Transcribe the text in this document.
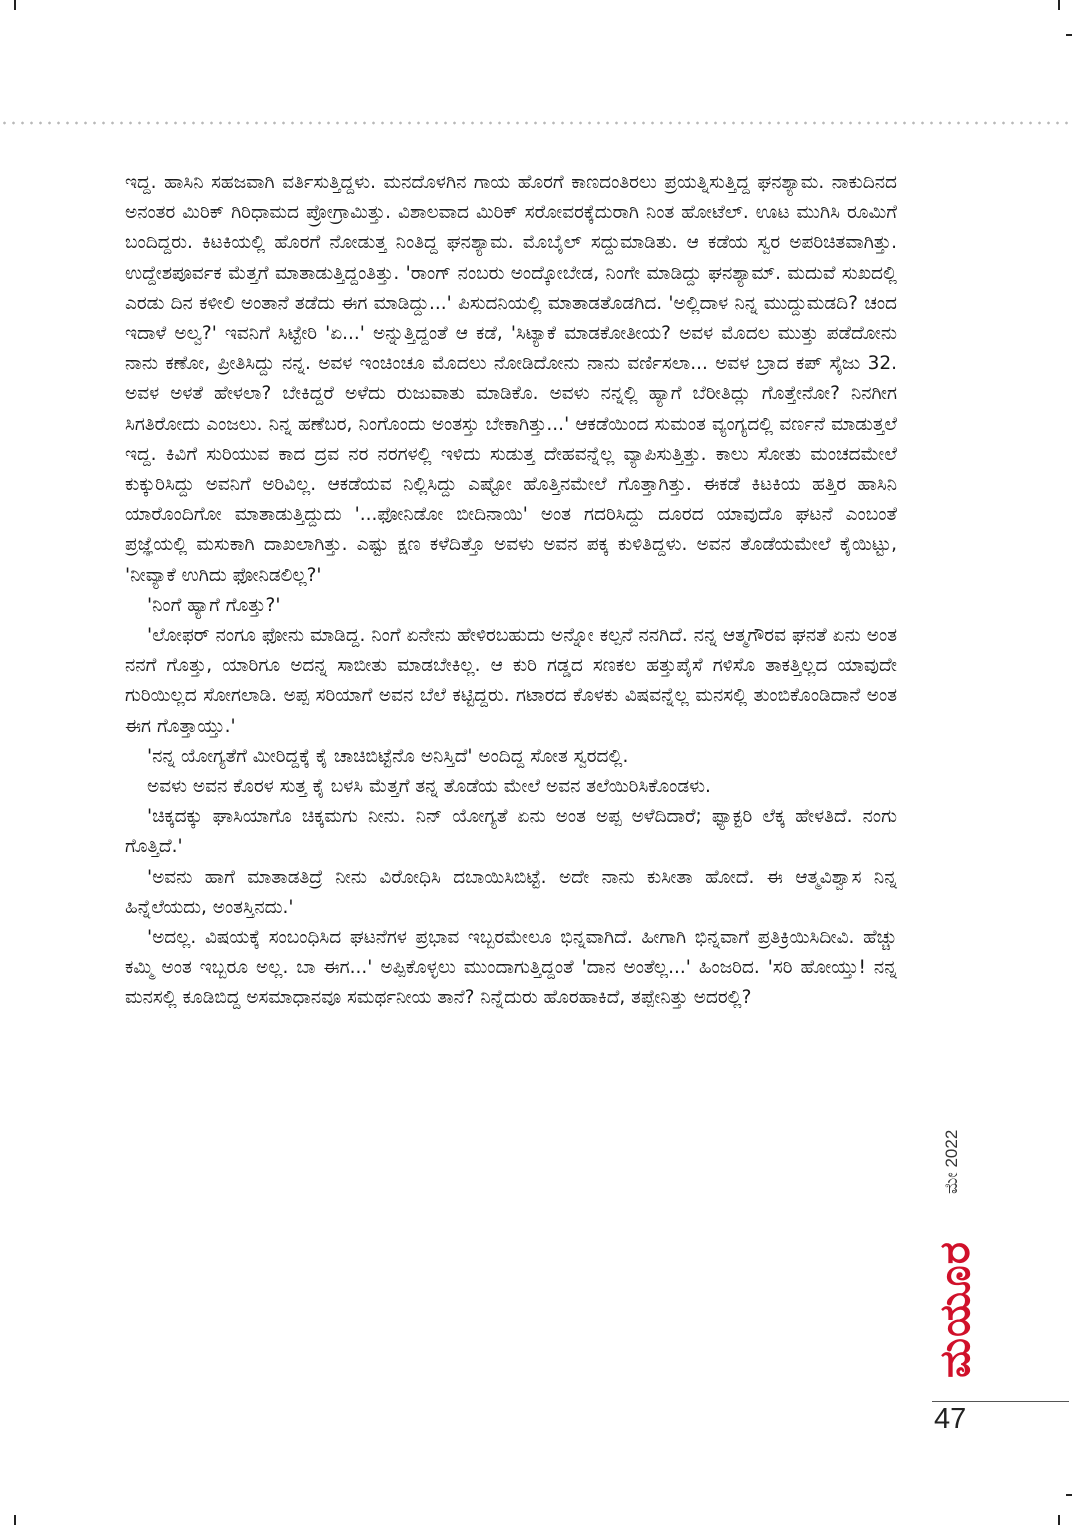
ಇದ್ದ. ಹಾಸಿನಿ ಸಹಜವಾಗಿ ವರ್ತಿಸುತ್ತಿದ್ದಳು. ಮನದೊಳಗಿನ ಗಾಯ ಹೊರಗೆ ಕಾಣದಂತಿರಲು ಪ್ರಯತ್ನಿಸುತ್ತಿದ್ದ ಘನಶ್ಯಾಮ. ನಾಕುದಿನದ ಅನಂತರ ಮಿರಿಕ್ ಗಿರಿಧಾಮದ ಪ್ರೋಗ್ರಾಮಿತ್ತು. ವಿಶಾಲವಾದ ಮಿರಿಕ್ ಸರೋವರಕ್ಕೆದುರಾಗಿ ನಿಂತ ಹೋಟೆಲ್. ಊಟ ಮುಗಿಸಿ ರೂಮಿಗೆ ಬಂದಿದ್ದರು. ಕಿಟಕಿಯಲ್ಲಿ ಹೊರಗೆ ನೋಡುತ್ತ ನಿಂತಿದ್ದ ಘನಶ್ಯಾಮ. ಮೊಬೈಲ್ ಸದ್ದುಮಾಡಿತು. ಆ ಕಡೆಯ ಸ್ವರ ಅಪರಿಚಿತವಾಗಿತ್ತು. ಉದ್ದೇಶಪೂರ್ವಕ ಮೆತ್ತಗೆ ಮಾತಾಡುತ್ತಿದ್ದಂತಿತ್ತು. 'ರಾಂಗ್ ನಂಬರು ಅಂದ್ಕೋಬೇಡ, ನಿಂಗೇ ಮಾಡಿದ್ದು ಘನಶ್ಯಾಮ್. ಮದುವೆ ಸುಖದಲ್ಲಿ ಎರಡು ದಿನ ಕಳೀಲಿ ಅಂತಾನೆ ತಡೆದು ಈಗ ಮಾಡಿದ್ದು...' ಪಿಸುದನಿಯಲ್ಲಿ ಮಾತಾಡತೊಡಗಿದ. 'ಅಲ್ಲಿದಾಳ ನಿನ್ನ ಮುದ್ದುಮಡದಿ? ಚಂದ ಇದಾಳೆ ಅಲ್ವ?' ಇವನಿಗೆ ಸಿಟ್ಟೇರಿ 'ಏ...' ಅನ್ನುತ್ತಿದ್ದಂತೆ ಆ ಕಡೆ, 'ಸಿಟ್ಯಾಕೆ ಮಾಡಕೋತೀಯ? ಅವಳ ಮೊದಲ ಮುತ್ತು ಪಡೆದೋನು ನಾನು ಕಣೋ, ಪ್ರೀತಿಸಿದ್ದು ನನ್ನ. ಅವಳ ಇಂಚಿಂಚೂ ಮೊದಲು ನೋಡಿದೋನು ನಾನು ವರ್ಣಿಸಲಾ... ಅವಳ ಬ್ರಾದ ಕಪ್ ಸೈಜು 32. ಅವಳ ಅಳತೆ ಹೇಳಲಾ? ಬೇಕಿದ್ದರೆ ಅಳೆದು ರುಜುವಾತು ಮಾಡಿಕೊ. ಅವಳು ನನ್ನಲ್ಲಿ ಹ್ಯಾಗೆ ಬೆರೀತಿದ್ಲು ಗೊತ್ತೇನೋ? ನಿನಗೀಗ ಸಿಗತಿರೋದು ಎಂಜಲು. ನಿನ್ನ ಹಣೆಬರ, ನಿಂಗೊಂದು ಅಂತಸ್ತು ಬೇಕಾಗಿತ್ತು...' ಆಕಡೆಯಿಂದ ಸುಮಂತ ವ್ಯಂಗ್ಯದಲ್ಲಿ ವರ್ಣನೆ ಮಾಡುತ್ತಲೆ ಇದ್ದ. ಕಿವಿಗೆ ಸುರಿಯುವ ಕಾದ ದ್ರವ ನರ ನರಗಳಲ್ಲಿ ಇಳಿದು ಸುಡುತ್ತ ದೇಹವನ್ನೆಲ್ಲ ವ್ಯಾಪಿಸುತ್ತಿತ್ತು. ಕಾಲು ಸೋತು ಮಂಚದಮೇಲೆ ಕುಕ್ಕುರಿಸಿದ್ದು ಅವನಿಗೆ ಅರಿವಿಲ್ಲ. ಆಕಡೆಯವ ನಿಲ್ಲಿಸಿದ್ದು ಎಷ್ಟೋ ಹೊತ್ತಿನಮೇಲೆ ಗೊತ್ತಾಗಿತ್ತು. ಈಕಡೆ ಕಿಟಕಿಯ ಹತ್ತಿರ ಹಾಸಿನಿ ಯಾರೊಂದಿಗೋ ಮಾತಾಡುತ್ತಿದ್ದುದು '...ಫೋನಿಡೋ ಬೀದಿನಾಯಿ' ಅಂತ ಗದರಿಸಿದ್ದು ದೂರದ ಯಾವುದೊ ಘಟನೆ ಎಂಬಂತೆ ಪ್ರಜ್ಞೆಯಲ್ಲಿ ಮಸುಕಾಗಿ ದಾಖಲಾಗಿತ್ತು. ಎಷ್ಟು ಕ್ಷಣ ಕಳೆದಿತ್ತೊ ಅವಳು ಅವನ ಪಕ್ಕ ಕುಳಿತಿದ್ದಳು. ಅವನ ತೊಡೆಯಮೇಲೆ ಕೈಯಿಟ್ಟು, 'ನೀವ್ಯಾಕೆ ಉಗಿದು ಫೋನಿಡಲಿಲ್ಲ?'

'ನಿಂಗೆ ಹ್ಯಾಗೆ ಗೊತ್ತು?'

'ಲೋಫರ್ ನಂಗೂ ಫೋನು ಮಾಡಿದ್ದ. ನಿಂಗೆ ಏನೇನು ಹೇಳಿರಬಹುದು ಅನ್ನೋ ಕಲ್ಪನೆ ನನಗಿದೆ. ನನ್ನ ಆತ್ಮಗೌರವ ಘನತೆ ಏನು ಅಂತ ನನಗೆ ಗೊತ್ತು, ಯಾರಿಗೂ ಅದನ್ನ ಸಾಬೀತು ಮಾಡಬೇಕಿಲ್ಲ. ಆ ಕುರಿ ಗಡ್ಡದ ಸಣಕಲ ಹತ್ತುಪೈಸೆ ಗಳಿಸೊ ತಾಕತ್ತಿಲ್ಲದ ಯಾವುದೇ ಗುರಿಯಿಲ್ಲದ ಸೋಗಲಾಡಿ. ಅಪ್ಪ ಸರಿಯಾಗೆ ಅವನ ಬೆಲೆ ಕಟ್ಟಿದ್ದರು. ಗಟಾರದ ಕೊಳಕು ವಿಷವನ್ನೆಲ್ಲ ಮನಸಲ್ಲಿ ತುಂಬಿಕೊಂಡಿದಾನೆ ಅಂತ ಈಗ ಗೊತ್ತಾಯ್ತು.'

'ನನ್ನ ಯೋಗ್ಯತೆಗೆ ಮೀರಿದ್ದಕ್ಕೆ ಕೈ ಚಾಚಿಬಿಟ್ಟೆನೊ ಅನಿಸ್ತಿದೆ' ಅಂದಿದ್ದ ಸೋತ ಸ್ವರದಲ್ಲಿ.

ಅವಳು ಅವನ ಕೊರಳ ಸುತ್ತ ಕೈ ಬಳಸಿ ಮೆತ್ತಗೆ ತನ್ನ ತೊಡೆಯ ಮೇಲೆ ಅವನ ತಲೆಯಿರಿಸಿಕೊಂಡಳು.

'ಚಿಕ್ಕದಕ್ಕು ಘಾಸಿಯಾಗೊ ಚಿಕ್ಕಮಗು ನೀನು. ನಿನ್ ಯೋಗ್ಯತೆ ಏನು ಅಂತ ಅಪ್ಪ ಅಳೆದಿದಾರೆ; ಫ್ಯಾಕ್ಟರಿ ಲೆಕ್ಕ ಹೇಳತಿದೆ. ನಂಗು ಗೊತ್ತಿದೆ.'

'ಅವನು ಹಾಗೆ ಮಾತಾಡತಿದ್ರೆ ನೀನು ವಿರೋಧಿಸಿ ದಬಾಯಿಸಿಬಿಟ್ಟೆ. ಅದೇ ನಾನು ಕುಸೀತಾ ಹೋದೆ. ಈ ಆತ್ಮವಿಶ್ವಾಸ ನಿನ್ನ ಹಿನ್ನೆಲೆಯದು, ಅಂತಸ್ತಿನದು.'

'ಅದಲ್ಲ. ವಿಷಯಕ್ಕೆ ಸಂಬಂಧಿಸಿದ ಘಟನೆಗಳ ಪ್ರಭಾವ ಇಬ್ಬರಮೇಲೂ ಭಿನ್ನವಾಗಿದೆ. ಹೀಗಾಗಿ ಭಿನ್ನವಾಗೆ ಪ್ರತಿಕ್ರಿಯಿಸಿದೀವಿ. ಹೆಚ್ಚು ಕಮ್ಮಿ ಅಂತ ಇಬ್ಬರೂ ಅಲ್ಲ. ಬಾ ಈಗ...' ಅಪ್ಪಿಕೊಳ್ಳಲು ಮುಂದಾಗುತ್ತಿದ್ದಂತೆ 'ದಾನ ಅಂತೆಲ್ಲ...' ಹಿಂಜರಿದ. 'ಸರಿ ಹೋಯ್ತು! ನನ್ನ ಮನಸಲ್ಲಿ ಕೂಡಿಬಿದ್ದ ಅಸಮಾಧಾನವೂ ಸಮರ್ಥನೀಯ ತಾನೆ? ನಿನ್ನೆದುರು ಹೊರಹಾಕಿದೆ, ತಪ್ಪೇನಿತ್ತು ಅದರಲ್ಲಿ?

ಮೇ 2022
ಮಯೂರ
47
